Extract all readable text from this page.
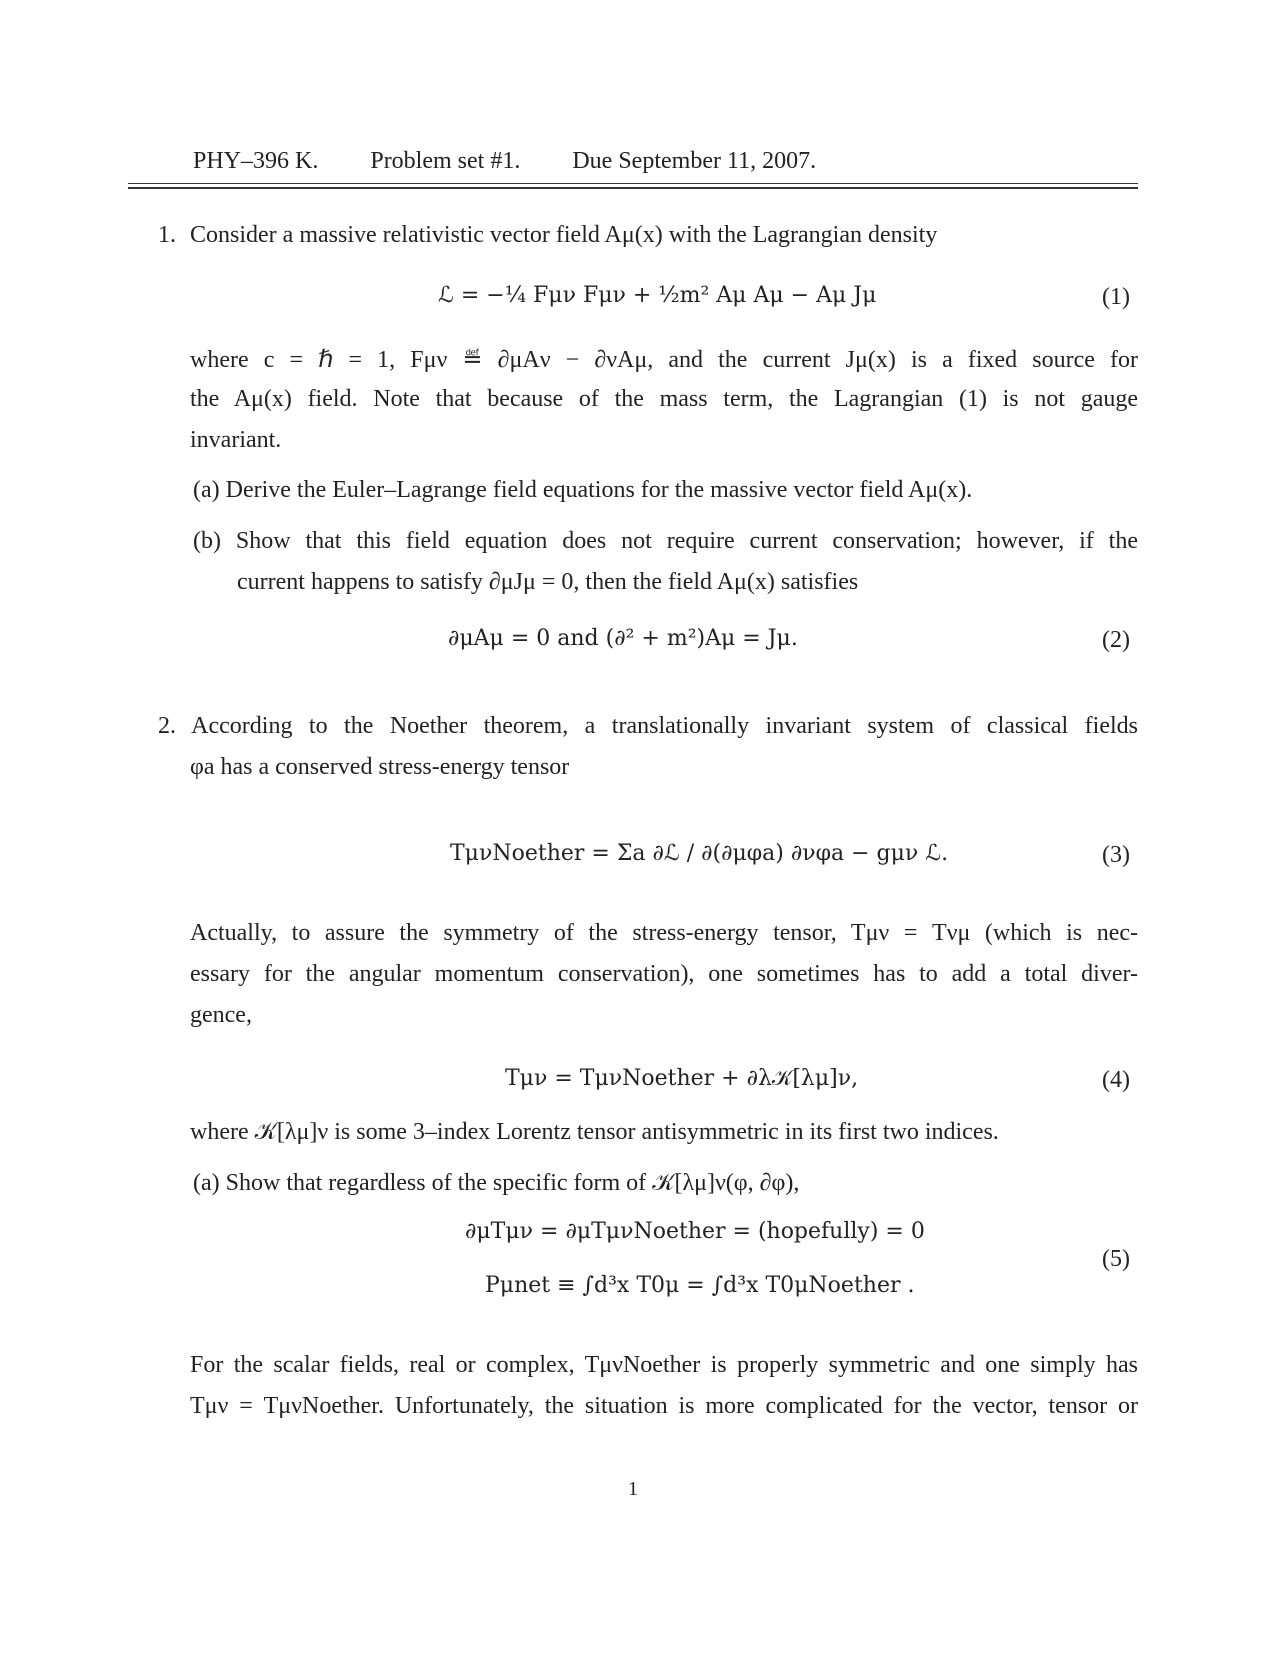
PHY–396 K. Problem set #1. Due September 11, 2007.
1. Consider a massive relativistic vector field Aμ(x) with the Lagrangian density
ℒ = −¼ Fμν Fμν + ½m² Aμ Aμ − Aμ Jμ	(1)
where c = ℏ = 1, Fμν ≝ ∂μAν − ∂νAμ, and the current Jμ(x) is a fixed source for
the Aμ(x) field. Note that because of the mass term, the Lagrangian (1) is not gauge
invariant.
(a) Derive the Euler–Lagrange field equations for the massive vector field Aμ(x).
(b) Show that this field equation does not require current conservation; however, if the
current happens to satisfy ∂μJμ = 0, then the field Aμ(x) satisfies
∂μAμ = 0 and (∂² + m²)Aμ = Jμ.	(2)
2. According to the Noether theorem, a translationally invariant system of classical fields
φa has a conserved stress-energy tensor
TμνNoether = Σa ∂ℒ / ∂(∂μφa) ∂νφa − gμν ℒ.	(3)
Actually, to assure the symmetry of the stress-energy tensor, Tμν = Tνμ (which is nec-
essary for the angular momentum conservation), one sometimes has to add a total diver-
gence,
Tμν = TμνNoether + ∂λ𝒦[λμ]ν,	(4)
where 𝒦[λμ]ν is some 3–index Lorentz tensor antisymmetric in its first two indices.
(a) Show that regardless of the specific form of 𝒦[λμ]ν(φ, ∂φ),
∂μTμν = ∂μTμνNoether = (hopefully) = 0
Pμnet ≡ ∫d³x T0μ = ∫d³x T0μNoether .
(5)
For the scalar fields, real or complex, TμνNoether is properly symmetric and one simply has
Tμν = TμνNoether. Unfortunately, the situation is more complicated for the vector, tensor or
1
